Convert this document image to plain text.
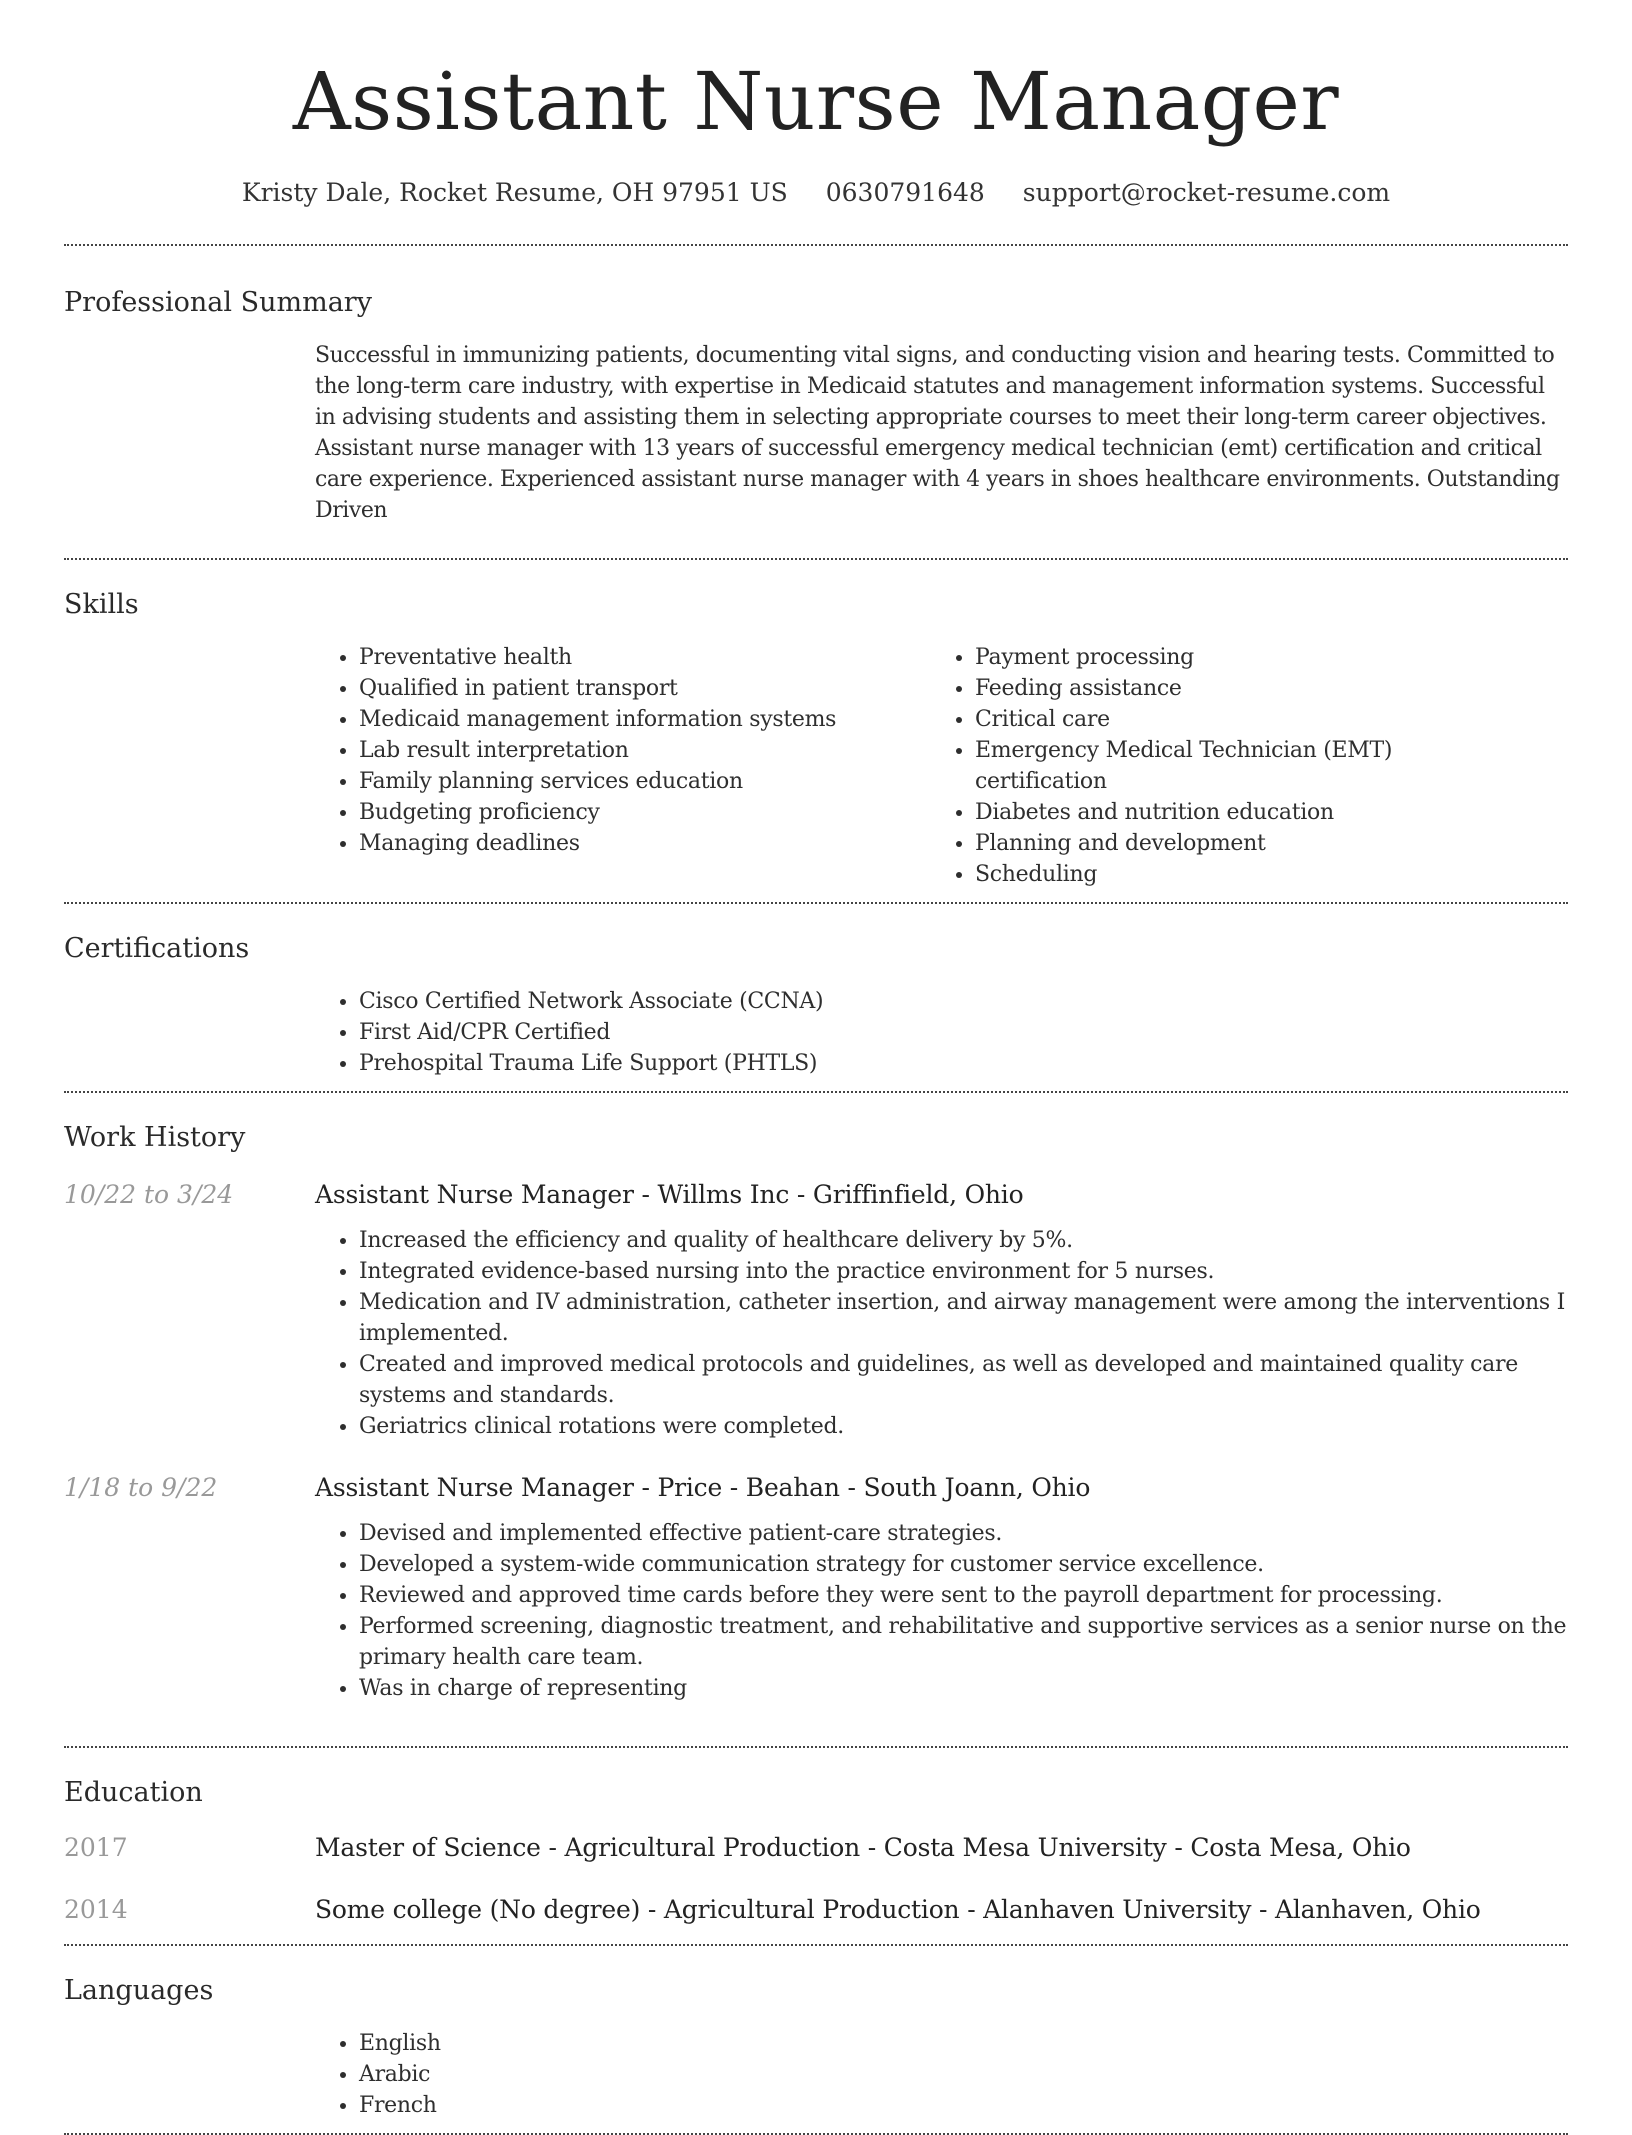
Assistant Nurse Manager
Kristy Dale, Rocket Resume, OH 97951 US 0630791648 support@rocket-resume.com
Professional Summary

Successful in immunizing patients, documenting vital signs, and conducting vision and hearing tests. Committed to the long-term care industry, with expertise in Medicaid statutes and management information systems. Successful in advising students and assisting them in selecting appropriate courses to meet their long-term career objectives. Assistant nurse manager with 13 years of successful emergency medical technician (emt) certification and critical care experience. Experienced assistant nurse manager with 4 years in shoes healthcare environments. Outstanding Driven

Skills
• Preventative health
• Qualified in patient transport
• Medicaid management information systems
• Lab result interpretation
• Family planning services education
• Budgeting proficiency
• Managing deadlines
• Payment processing
• Feeding assistance
• Critical care
• Emergency Medical Technician (EMT) certification
• Diabetes and nutrition education
• Planning and development
• Scheduling
Certifications
• Cisco Certified Network Associate (CCNA)
• First Aid/CPR Certified
• Prehospital Trauma Life Support (PHTLS)
Work History
10/22 to 3/24	Assistant Nurse Manager - Willms Inc - Griffinfield, Ohio
• Increased the efficiency and quality of healthcare delivery by 5%.
• Integrated evidence-based nursing into the practice environment for 5 nurses.
• Medication and IV administration, catheter insertion, and airway management were among the interventions I implemented.
• Created and improved medical protocols and guidelines, as well as developed and maintained quality care systems and standards.
• Geriatrics clinical rotations were completed.
1/18 to 9/22	Assistant Nurse Manager - Price - Beahan - South Joann, Ohio
• Devised and implemented effective patient-care strategies.
• Developed a system-wide communication strategy for customer service excellence.
• Reviewed and approved time cards before they were sent to the payroll department for processing.
• Performed screening, diagnostic treatment, and rehabilitative and supportive services as a senior nurse on the primary health care team.
• Was in charge of representing
Education
2017	Master of Science - Agricultural Production - Costa Mesa University - Costa Mesa, Ohio
2014	Some college (No degree) - Agricultural Production - Alanhaven University - Alanhaven, Ohio
Languages
• English
• Arabic
• French
